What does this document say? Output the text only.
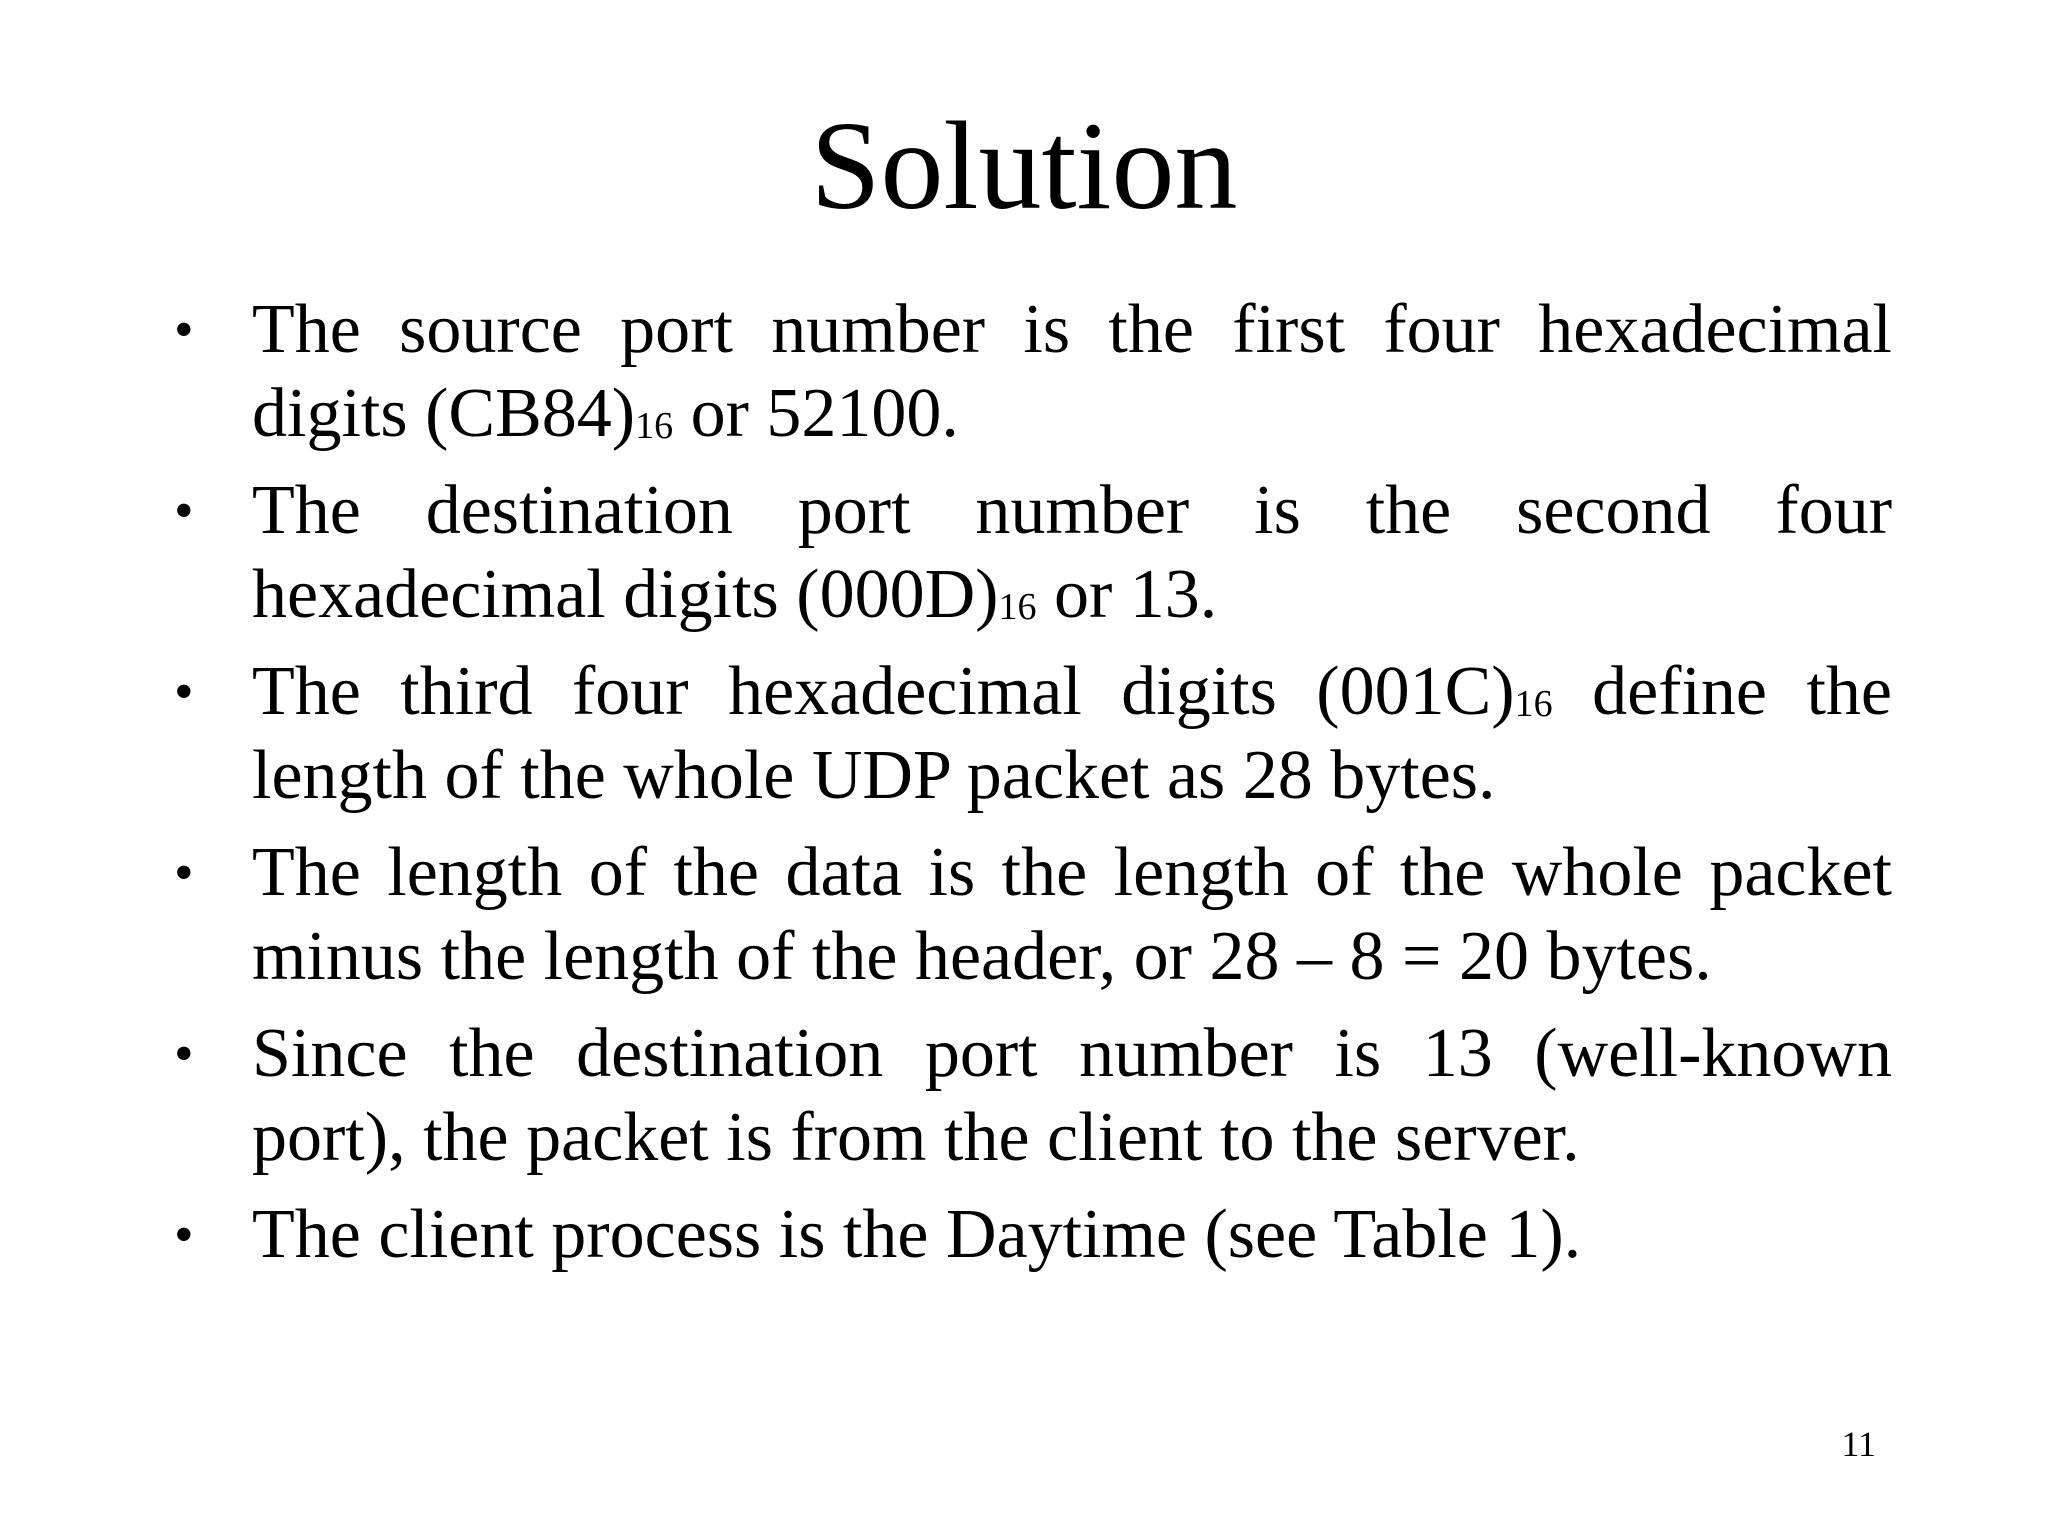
Solution
• The source port number is the first four hexadecimal digits $(CB84)_{16}$ or 52100.
• The destination port number is the second four hexadecimal digits $(000D)_{16}$ or 13.
• The third four hexadecimal digits $(001C)_{16}$ define the length of the whole UDP packet as 28 bytes.
• The length of the data is the length of the whole packet minus the length of the header, or 28 – 8 = 20 bytes.
• Since the destination port number is 13 (well-known port), the packet is from the client to the server.
• The client process is the Daytime (see Table 1).
11
